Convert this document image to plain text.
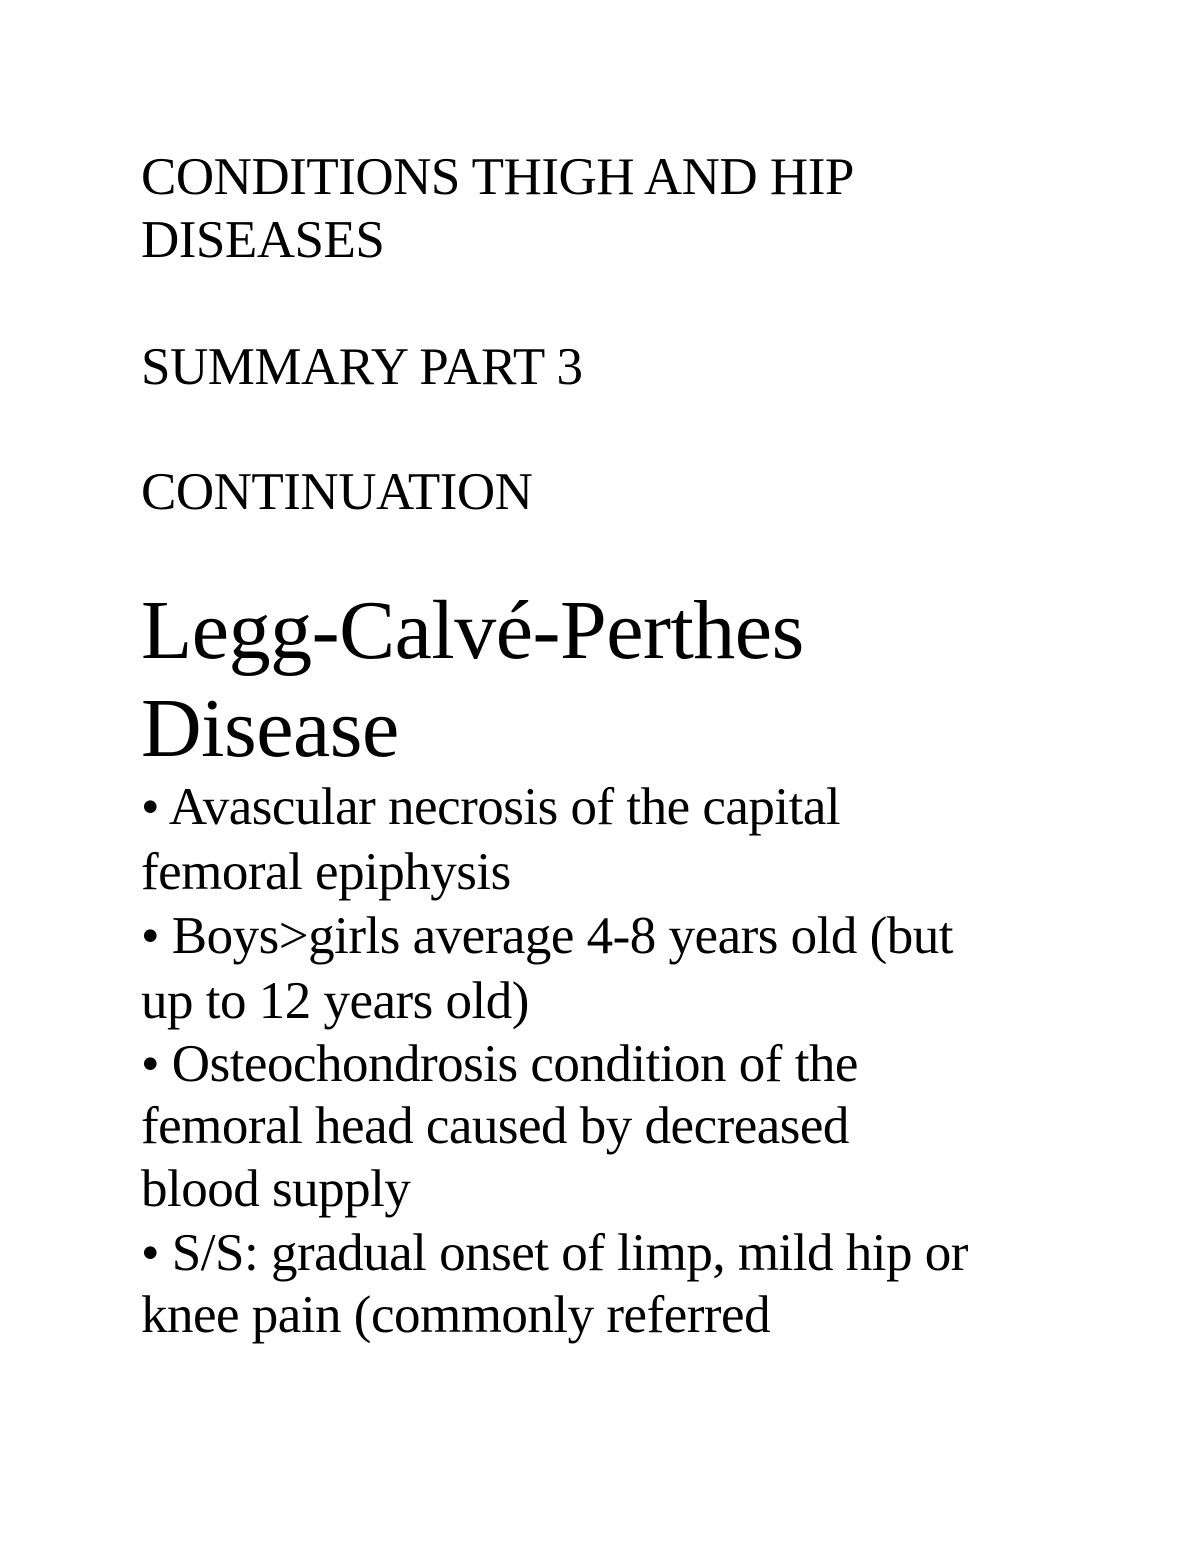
CONDITIONS THIGH AND HIP
DISEASES
SUMMARY PART 3
CONTINUATION
Legg-Calvé-Perthes
Disease
• Avascular necrosis of the capital
femoral epiphysis
• Boys>girls average 4-8 years old (but
up to 12 years old)
• Osteochondrosis condition of the
femoral head caused by decreased
blood supply
• S/S: gradual onset of limp, mild hip or
knee pain (commonly referred
